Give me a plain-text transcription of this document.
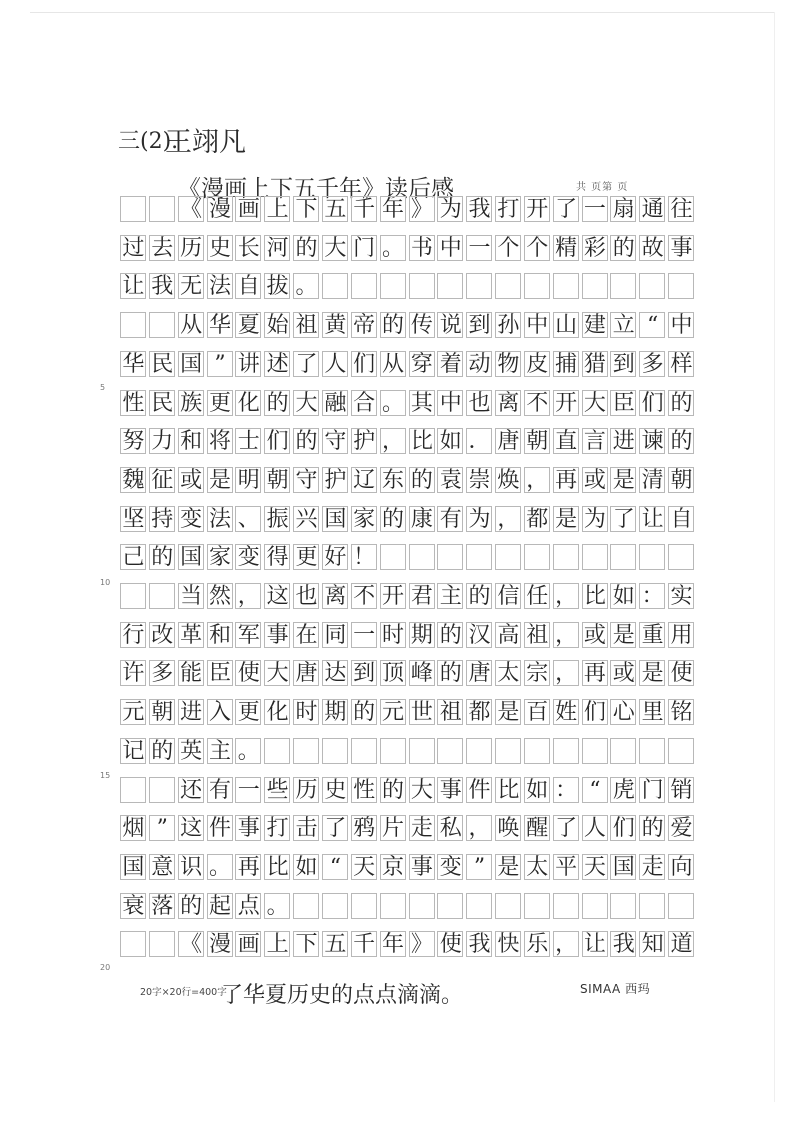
三(2).
王翊凡
《漫画上下五千年》读后感	共 页第 页
《 漫 画 上 下 五 千 年 》 为 我 打 开 了 一 扇 通 往
过 去 历 史 长 河 的 大 门 。 书 中 一 个 个 精 彩 的 故 事
让 我 无 法 自 拔 。
从 华 夏 始 祖 黄 帝 的 传 说 到 孙 中 山 建 立 “ 中
华 民 国 ” 讲 述 了 人 们 从 穿 着 动 物 皮 捕 猎 到 多 样
性 民 族 更 化 的 大 融 合 。 其 中 也 离 不 开 大 臣 们 的
努 力 和 将 士 们 的 守 护 ， 比 如 ． 唐 朝 直 言 进 谏 的
魏 征 或 是 明 朝 守 护 辽 东 的 袁 崇 焕 ， 再 或 是 清 朝
坚 持 变 法 、 振 兴 国 家 的 康 有 为 ， 都 是 为 了 让 自
己 的 国 家 变 得 更 好 ！
当 然 ， 这 也 离 不 开 君 主 的 信 任 ， 比 如 ： 实
行 改 革 和 军 事 在 同 一 时 期 的 汉 高 祖 ， 或 是 重 用
许 多 能 臣 使 大 唐 达 到 顶 峰 的 唐 太 宗 ， 再 或 是 使
元 朝 进 入 更 化 时 期 的 元 世 祖 都 是 百 姓 们 心 里 铭
记 的 英 主 。
还 有 一 些 历 史 性 的 大 事 件 比 如 ： “ 虎 门 销
烟 ” 这 件 事 打 击 了 鸦 片 走 私 ， 唤 醒 了 人 们 的 爱
国 意 识 。 再 比 如 “ 天 京 事 变 ” 是 太 平 天 国 走 向
衰 落 的 起 点 。
《 漫 画 上 下 五 千 年 》 使 我 快 乐 ， 让 我 知 道
5
10
15
20
了华夏历史的点点滴滴。
20字×20行=400字	SIMAA 西玛
